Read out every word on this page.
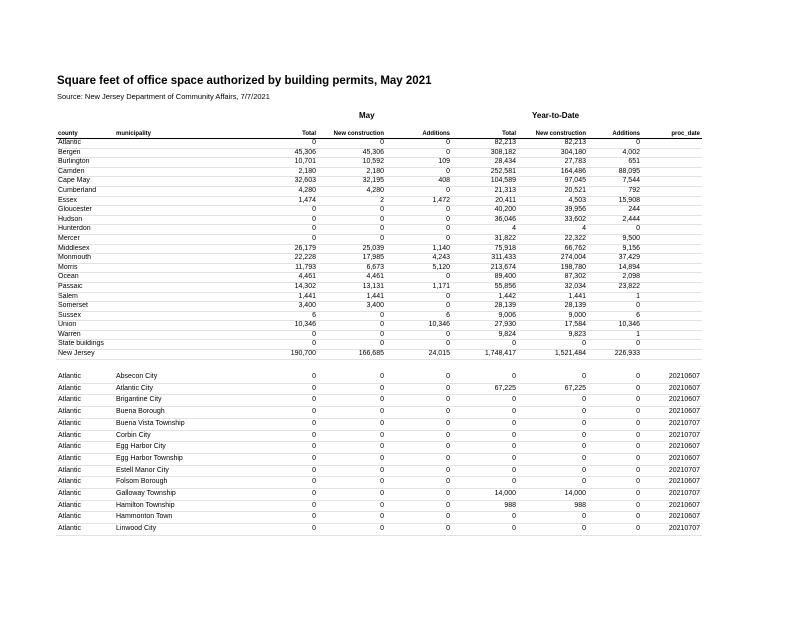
Square feet of office space authorized by building permits, May 2021
Source: New Jersey Department of Community Affairs, 7/7/2021
May	Year-to-Date
county	municipality	Total	New construction	Additions	Total	New construction	Additions	proc_date
Atlantic		0	0	0	82,213	82,213	0	
Bergen		45,306	45,306	0	308,182	304,180	4,002	
Burlington		10,701	10,592	109	28,434	27,783	651	
Camden		2,180	2,180	0	252,581	164,486	88,095	
Cape May		32,603	32,195	408	104,589	97,045	7,544	
Cumberland		4,280	4,280	0	21,313	20,521	792	
Essex		1,474	2	1,472	20,411	4,503	15,908	
Gloucester		0	0	0	40,200	39,956	244	
Hudson		0	0	0	36,046	33,602	2,444	
Hunterdon		0	0	0	4	4	0	
Mercer		0	0	0	31,822	22,322	9,500	
Middlesex		26,179	25,039	1,140	75,918	66,762	9,156	
Monmouth		22,228	17,985	4,243	311,433	274,004	37,429	
Morris		11,793	6,673	5,120	213,674	198,780	14,894	
Ocean		4,461	4,461	0	89,400	87,302	2,098	
Passaic		14,302	13,131	1,171	55,856	32,034	23,822	
Salem		1,441	1,441	0	1,442	1,441	1	
Somerset		3,400	3,400	0	28,139	28,139	0	
Sussex		6	0	6	9,006	9,000	6	
Union		10,346	0	10,346	27,930	17,584	10,346	
Warren		0	0	0	9,824	9,823	1	
State buildings		0	0	0	0	0	0	
New Jersey		190,700	166,685	24,015	1,748,417	1,521,484	226,933	
Atlantic	Absecon City	0	0	0	0	0	0	20210607
Atlantic	Atlantic City	0	0	0	67,225	67,225	0	20210607
Atlantic	Brigantine City	0	0	0	0	0	0	20210607
Atlantic	Buena Borough	0	0	0	0	0	0	20210607
Atlantic	Buena Vista Township	0	0	0	0	0	0	20210707
Atlantic	Corbin City	0	0	0	0	0	0	20210707
Atlantic	Egg Harbor City	0	0	0	0	0	0	20210607
Atlantic	Egg Harbor Township	0	0	0	0	0	0	20210607
Atlantic	Estell Manor City	0	0	0	0	0	0	20210707
Atlantic	Folsom Borough	0	0	0	0	0	0	20210607
Atlantic	Galloway Township	0	0	0	14,000	14,000	0	20210707
Atlantic	Hamilton Township	0	0	0	988	988	0	20210607
Atlantic	Hammonton Town	0	0	0	0	0	0	20210607
Atlantic	Linwood City	0	0	0	0	0	0	20210707
